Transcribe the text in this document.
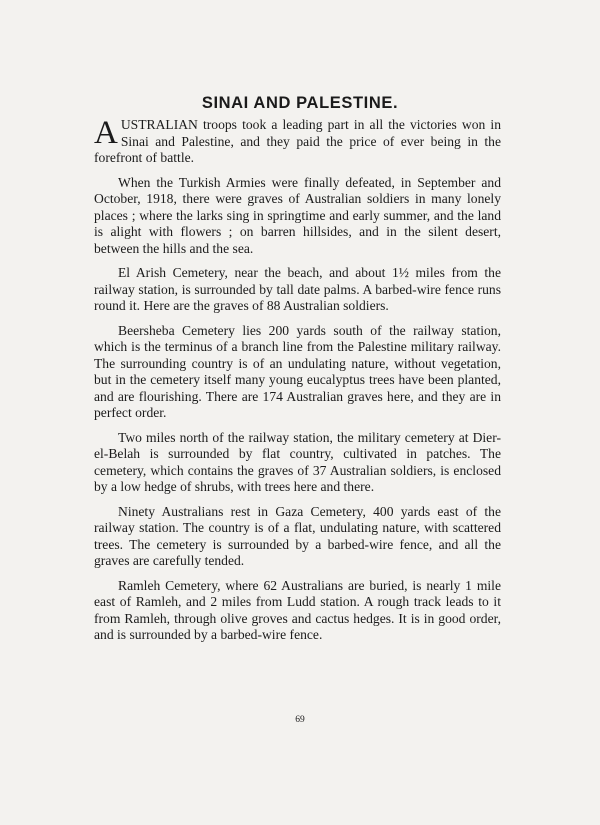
SINAI AND PALESTINE.

AUSTRALIAN troops took a leading part in all the victories won in Sinai and Palestine, and they paid the price of ever being in the forefront of battle.

When the Turkish Armies were finally defeated, in September and October, 1918, there were graves of Australian soldiers in many lonely places ; where the larks sing in springtime and early summer, and the land is alight with flowers ; on barren hillsides, and in the silent desert, between the hills and the sea.

El Arish Cemetery, near the beach, and about 1½ miles from the railway station, is surrounded by tall date palms. A barbed-wire fence runs round it. Here are the graves of 88 Australian soldiers.

Beersheba Cemetery lies 200 yards south of the railway station, which is the terminus of a branch line from the Palestine military railway. The surrounding country is of an undulating nature, without vegetation, but in the cemetery itself many young eucalyptus trees have been planted, and are flourishing. There are 174 Australian graves here, and they are in perfect order.

Two miles north of the railway station, the military cemetery at Dier-el-Belah is surrounded by flat country, cultivated in patches. The cemetery, which contains the graves of 37 Australian soldiers, is enclosed by a low hedge of shrubs, with trees here and there.

Ninety Australians rest in Gaza Cemetery, 400 yards east of the railway station. The country is of a flat, undulating nature, with scattered trees. The cemetery is surrounded by a barbed-wire fence, and all the graves are carefully tended.

Ramleh Cemetery, where 62 Australians are buried, is nearly 1 mile east of Ramleh, and 2 miles from Ludd station. A rough track leads to it from Ramleh, through olive groves and cactus hedges. It is in good order, and is surrounded by a barbed-wire fence.

69
